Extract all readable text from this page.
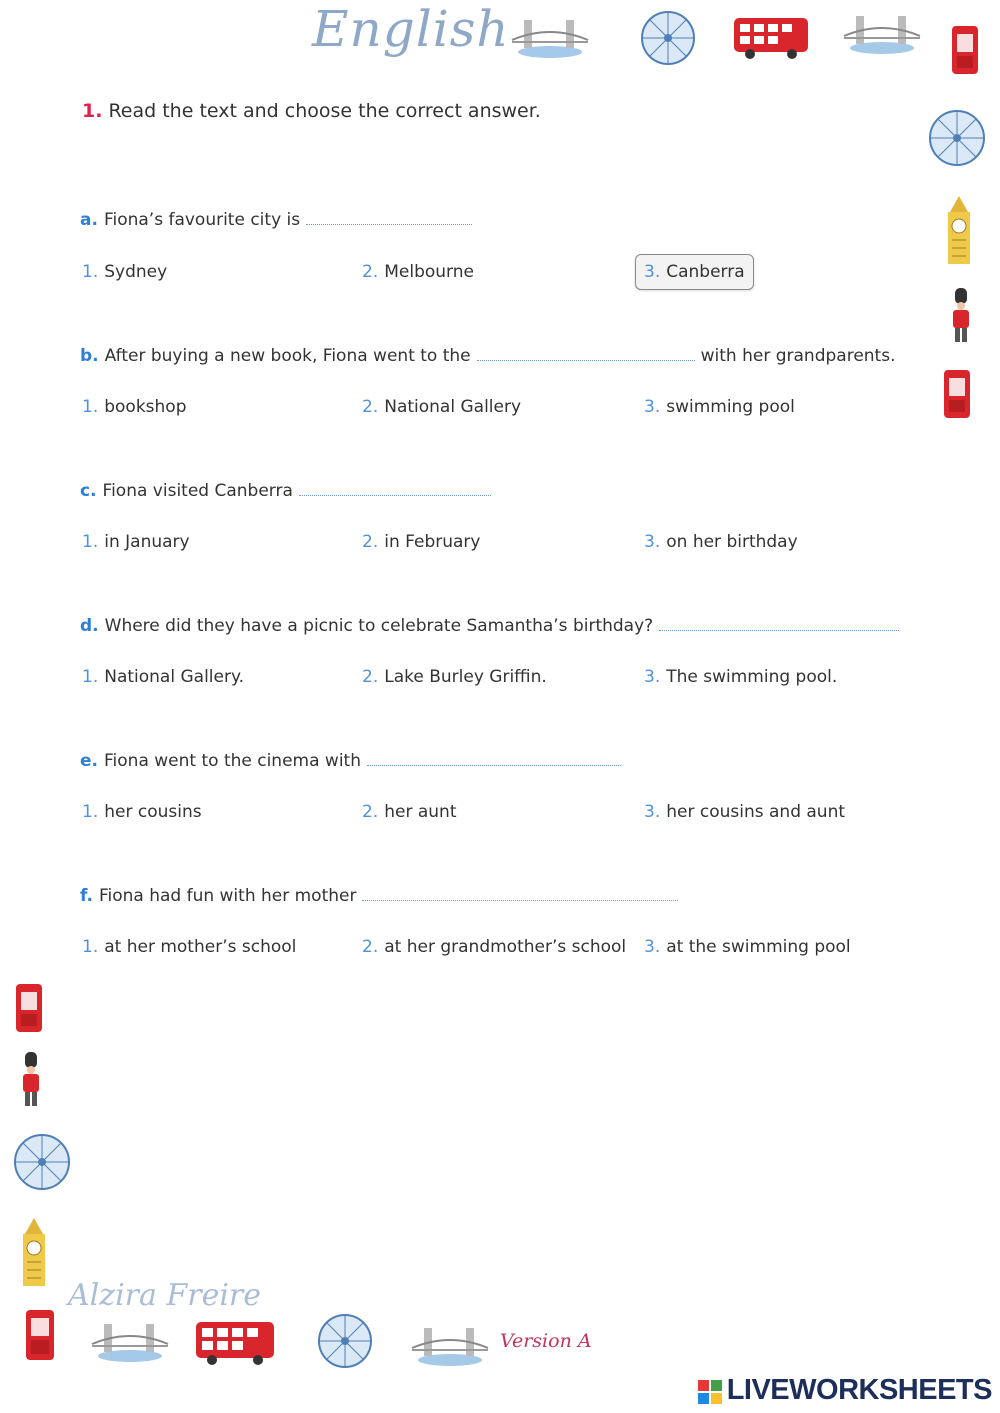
English
1. Read the text and choose the correct answer.
a. Fiona’s favourite city is
1. Sydney	2. Melbourne	3. Canberra
b. After buying a new book, Fiona went to the	with her grandparents.
1. bookshop	2. National Gallery	3. swimming pool
c. Fiona visited Canberra
1. in January	2. in February	3. on her birthday
d. Where did they have a picnic to celebrate Samantha’s birthday?
1. National Gallery.	2. Lake Burley Griffin.	3. The swimming pool.
e. Fiona went to the cinema with
1. her cousins	2. her aunt	3. her cousins and aunt
f. Fiona had fun with her mother
1. at her mother’s school	2. at her grandmother’s school 3. at the swimming pool
Alzira Freire
Version A
LIVEWORKSHEETS
